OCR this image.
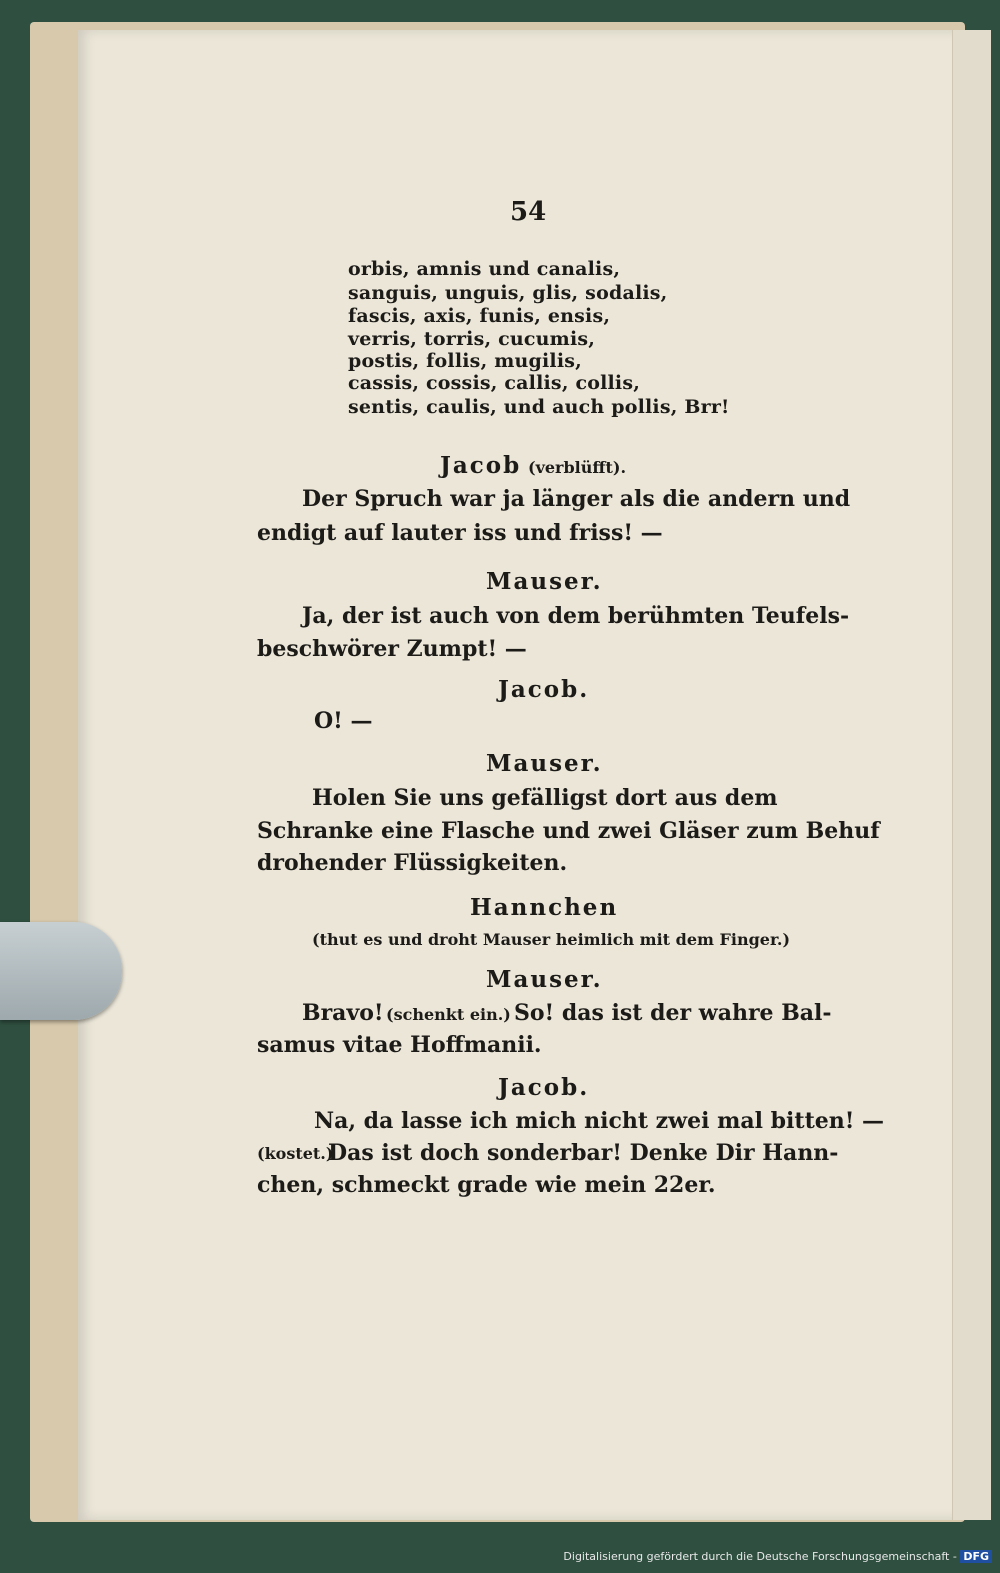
54
orbis, amnis und canalis,
sanguis, unguis, glis, sodalis,
fascis, axis, funis, ensis,
verris, torris, cucumis,
postis, follis, mugilis,
cassis, cossis, callis, collis,
sentis, caulis, und auch pollis, Brr!
Jacob (verblüfft).
Der Spruch war ja länger als die andern und
endigt auf lauter iss und friss! —
Mauser.
Ja, der ist auch von dem berühmten Teufels-
beschwörer Zumpt! —
Jacob.
O! —
Mauser.
Holen Sie uns gefälligst dort aus dem
Schranke eine Flasche und zwei Gläser zum Behuf
drohender Flüssigkeiten.
Hannchen
(thut es und droht Mauser heimlich mit dem Finger.)
Mauser.
Bravo! (schenkt ein.) So! das ist der wahre Bal-
samus vitae Hoffmanii.
Jacob.
Na, da lasse ich mich nicht zwei mal bitten! —
(kostet.)
Das ist doch sonderbar! Denke Dir Hann-
chen, schmeckt grade wie mein 22er.
Digitalisierung gefördert durch die Deutsche Forschungsgemeinschaft - DFG
